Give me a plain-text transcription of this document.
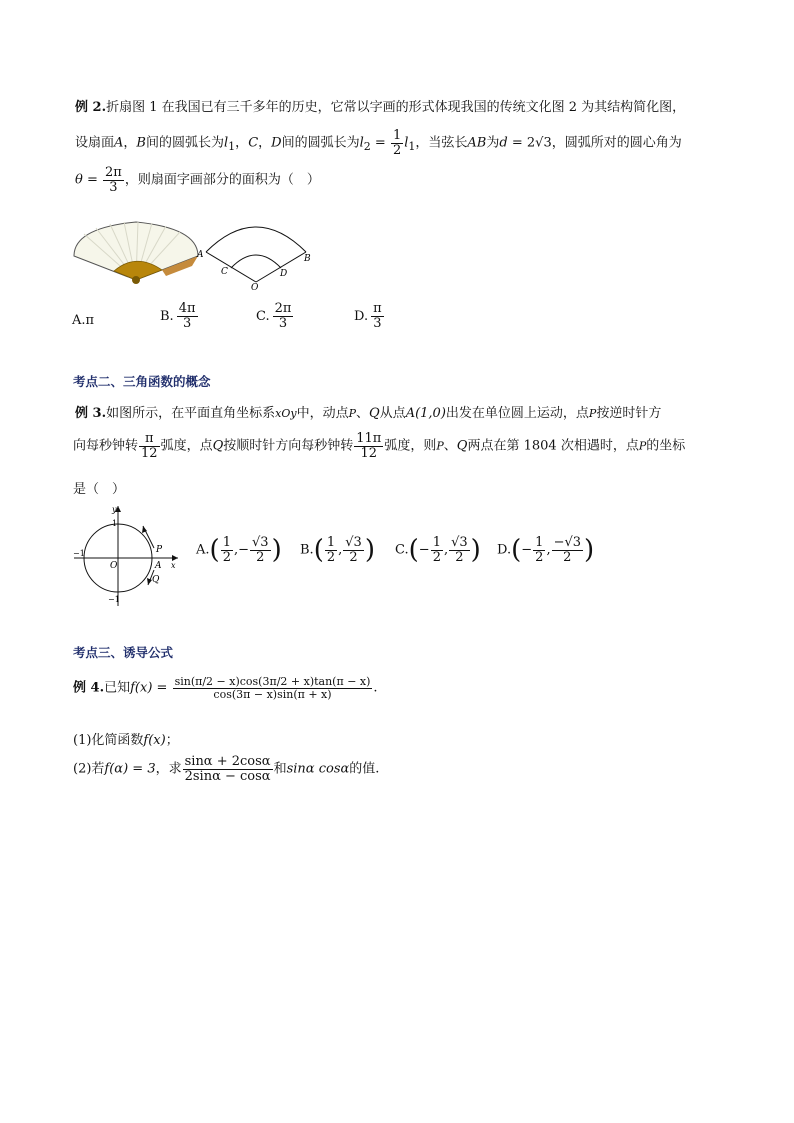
例 2.折扇图 1 在我国已有三千多年的历史，它常以字画的形式体现我国的传统文化图 2 为其结构简化图，
设扇面A，B间的圆弧长为$l_1$，C，D间的圆弧长为$l_2 = \frac{1}{2} l_1$，当弦长AB为d = 2√3，圆弧所对的圆心角为
$\theta = \frac{2\pi}{3}$ ，则扇面字画部分的面积为（　）
A	B
C	D
O
A.π	B. $\frac{4\pi}{3}$	C. $\frac{2\pi}{3}$	D. $\frac{\pi}{3}$
考点二、三角函数的概念
例 3.如图所示，在平面直角坐标系xOy中，动点P、Q从点A(1,0)出发在单位圆上运动，点P按逆时针方
向每秒钟转 $\frac{\pi}{12}$ 弧度，点Q按顺时针方向每秒钟转 $\frac{11\pi}{12}$ 弧度，则P、Q两点在第 1804 次相遇时，点P的坐标
是（　）
y
1
−1
O
P
A x
Q
−1
$A.( \frac{1}{2}$ ,− $\frac{√3}{2}$ ) $B.( \frac{1}{2}$ , $\frac{√3}{2}$ ) $C.(- \frac{1}{2}$ , $\frac{√3}{2}$ ) $D.(- \frac{1}{2}$ , $\frac{-√3}{2}$ )
考点三、诱导公式
例 4.已知$f(x) = \frac{\sin(\pi/2 - x)\cos(3\pi/2 + x)\tan(\pi - x)}{\cos(3\pi - x)\sin(\pi + x)}$ .
(1)化简函数f(x)；
(2)若f(α) = 3，求 $\frac{\sin\alpha + 2\cos\alpha}{2\sin\alpha - \cos\alpha}$ 和sinα cosα的值.
